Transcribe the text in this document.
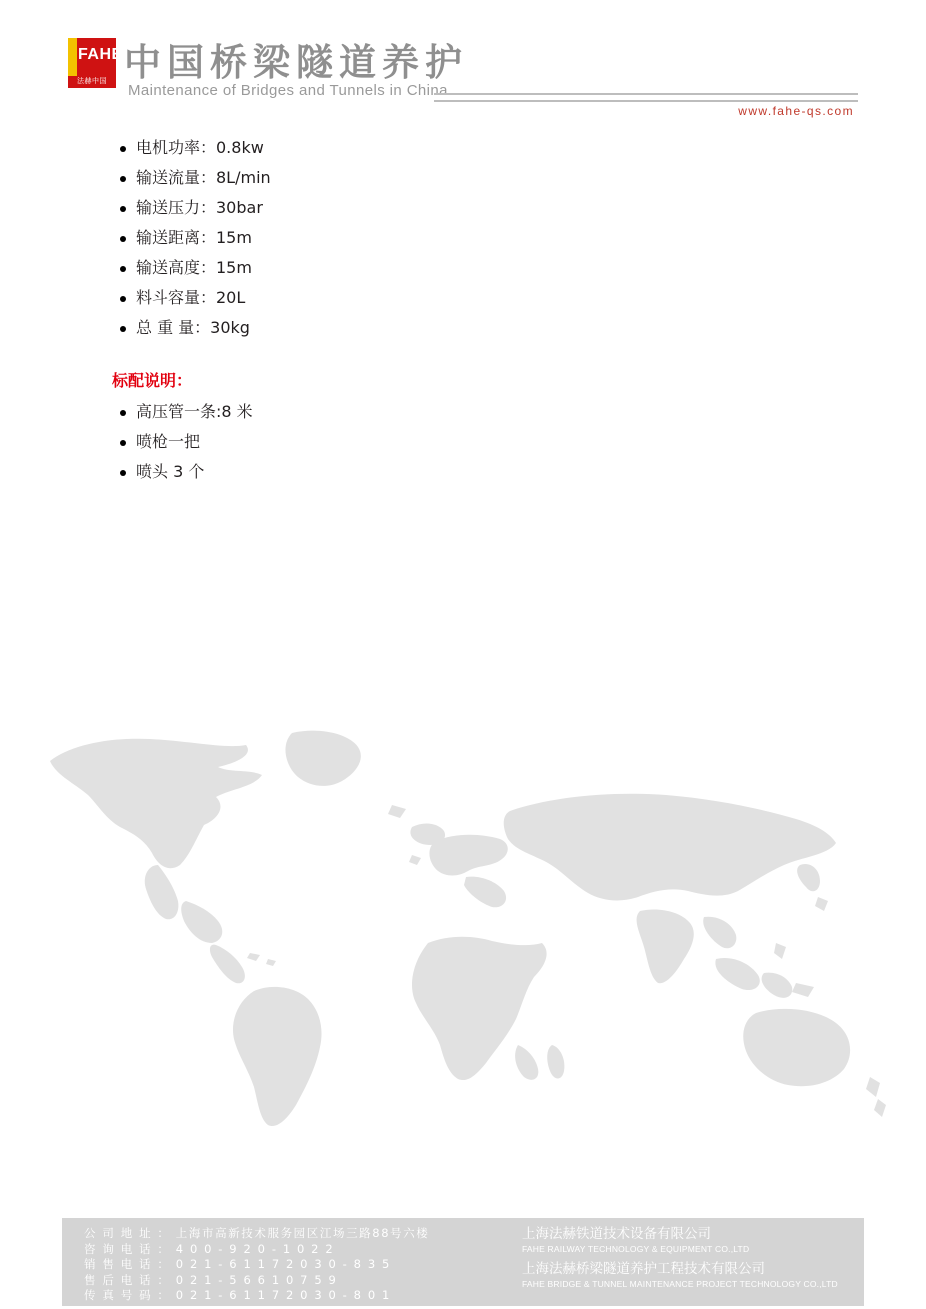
FAHE
法赫中国 中国桥梁隧道养护
Maintenance of Bridges and Tunnels in China
www.fahe-qs.com
电机功率：0.8kw
输送流量：8L/min
输送压力：30bar
输送距离：15m
输送高度：15m
料斗容量：20L
总 重 量：30kg
标配说明：
高压管一条:8 米
喷枪一把
喷头 3 个
公 司 地 址 ： 上海市高新技术服务园区江场三路88号六楼
咨 询 电 话 ： 4 0 0 - 9 2 0 - 1 0 2 2
销 售 电 话 ： 0 2 1 - 6 1 1 7 2 0 3 0 - 8 3 5
售 后 电 话 ： 0 2 1 - 5 6 6 1 0 7 5 9
传 真 号 码 ： 0 2 1 - 6 1 1 7 2 0 3 0 - 8 0 1
上海法赫铁道技术设备有限公司
FAHE RAILWAY TECHNOLOGY & EQUIPMENT CO.,LTD
上海法赫桥梁隧道养护工程技术有限公司
FAHE BRIDGE & TUNNEL MAINTENANCE PROJECT TECHNOLOGY CO.,LTD
